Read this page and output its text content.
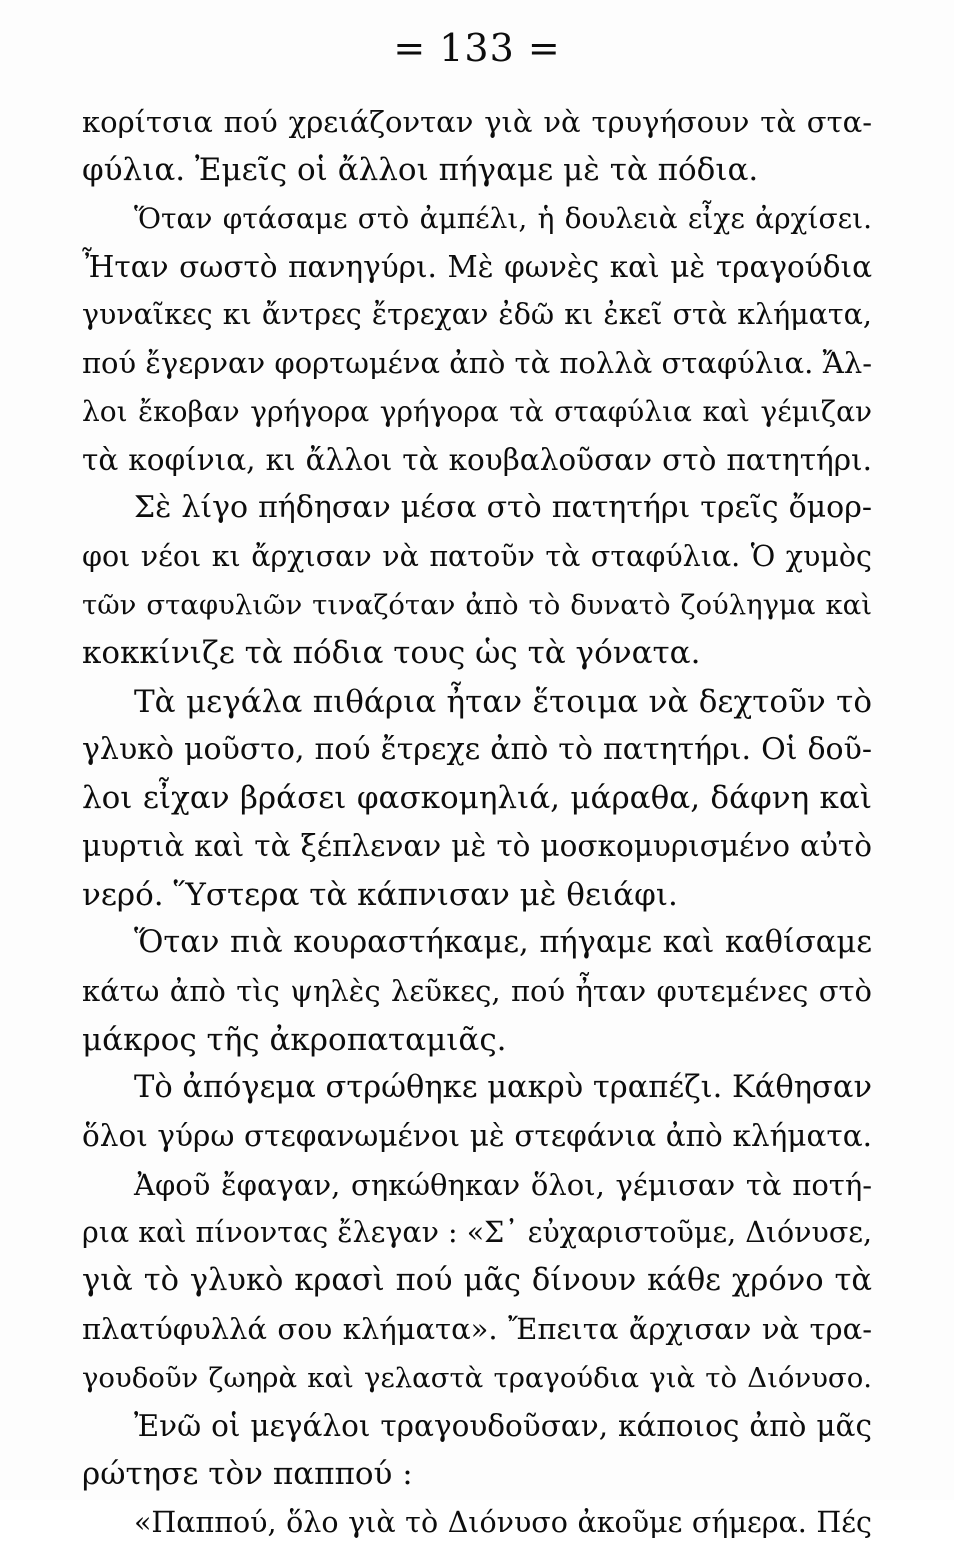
= 133 =
κορίτσια πού χρειάζονταν γιὰ νὰ τρυγήσουν τὰ στα-
φύλια. Ἐμεῖς οἱ ἄλλοι πήγαμε μὲ τὰ πόδια.
Ὅταν φτάσαμε στὸ ἀμπέλι, ἡ δουλειὰ εἶχε ἀρχίσει.
Ἦταν σωστὸ πανηγύρι. Μὲ φωνὲς καὶ μὲ τραγούδια
γυναῖκες κι ἄντρες ἔτρεχαν ἐδῶ κι ἐκεῖ στὰ κλήματα,
πού ἔγερναν φορτωμένα ἀπὸ τὰ πολλὰ σταφύλια. Ἄλ-
λοι ἔκοβαν γρήγορα γρήγορα τὰ σταφύλια καὶ γέμιζαν
τὰ κοφίνια, κι ἄλλοι τὰ κουβαλοῦσαν στὸ πατητήρι.
Σὲ λίγο πήδησαν μέσα στὸ πατητήρι τρεῖς ὄμορ-
φοι νέοι κι ἄρχισαν νὰ πατοῦν τὰ σταφύλια. Ὁ χυμὸς
τῶν σταφυλιῶν τιναζόταν ἀπὸ τὸ δυνατὸ ζούληγμα καὶ
κοκκίνιζε τὰ πόδια τους ὡς τὰ γόνατα.
Τὰ μεγάλα πιθάρια ἦταν ἕτοιμα νὰ δεχτοῦν τὸ
γλυκὸ μοῦστο, πού ἔτρεχε ἀπὸ τὸ πατητήρι. Οἱ δοῦ-
λοι εἶχαν βράσει φασκομηλιά, μάραθα, δάφνη καὶ
μυρτιὰ καὶ τὰ ξέπλεναν μὲ τὸ μοσκομυρισμένο αὐτὸ
νερό. Ὕστερα τὰ κάπνισαν μὲ θειάφι.
Ὅταν πιὰ κουραστήκαμε, πήγαμε καὶ καθίσαμε
κάτω ἀπὸ τὶς ψηλὲς λεῦκες, πού ἦταν φυτεμένες στὸ
μάκρος τῆς ἀκροπαταμιᾶς.
Τὸ ἀπόγεμα στρώθηκε μακρὺ τραπέζι. Κάθησαν
ὅλοι γύρω στεφανωμένοι μὲ στεφάνια ἀπὸ κλήματα.
Ἀφοῦ ἔφαγαν, σηκώθηκαν ὅλοι, γέμισαν τὰ ποτή-
ρια καὶ πίνοντας ἔλεγαν : «Σ᾿ εὐχαριστοῦμε, Διόνυσε,
γιὰ τὸ γλυκὸ κρασὶ πού μᾶς δίνουν κάθε χρόνο τὰ
πλατύφυλλά σου κλήματα». Ἔπειτα ἄρχισαν νὰ τρα-
γουδοῦν ζωηρὰ καὶ γελαστὰ τραγούδια γιὰ τὸ Διόνυσο.
Ἐνῶ οἱ μεγάλοι τραγουδοῦσαν, κάποιος ἀπὸ μᾶς
ρώτησε τὸν παππού :
«Παππού, ὅλο γιὰ τὸ Διόνυσο ἀκοῦμε σήμερα. Πές
